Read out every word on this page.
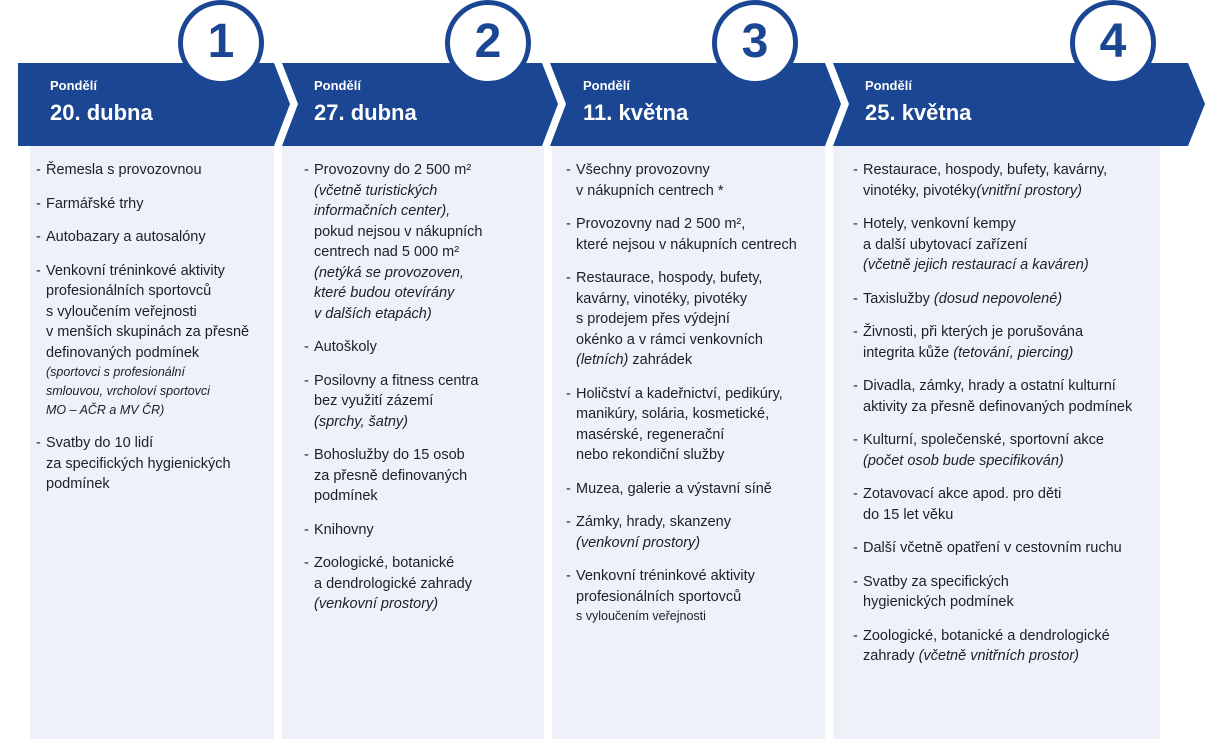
1	2	3	4
Pondělí
20. dubna
Pondělí
27. dubna
Pondělí
11. května
Pondělí
25. května
- Řemesla s provozovnou
- Farmářské trhy
- Autobazary a autosalóny
- Venkovní tréninkové aktivity
profesionálních sportovců
s vyloučením veřejnosti
v menších skupinách za přesně
definovaných podmínek
(sportovci s profesionální
smlouvou, vrcholoví sportovci
MO – AČR a MV ČR)
- Svatby do 10 lidí
za specifických hygienických
podmínek
- Provozovny do 2 500 m²
(včetně turistických
informačních center),
pokud nejsou v nákupních
centrech nad 5 000 m²
(netýká se provozoven,
které budou otevírány
v dalších etapách)
- Autoškoly
- Posilovny a fitness centra
bez využití zázemí
(sprchy, šatny)
- Bohoslužby do 15 osob
za přesně definovaných
podmínek
- Knihovny
- Zoologické, botanické
a dendrologické zahrady
(venkovní prostory)
- Všechny provozovny
v nákupních centrech *
- Provozovny nad 2 500 m²,
které nejsou v nákupních centrech
- Restaurace, hospody, bufety,
kavárny, vinotéky, pivotéky
s prodejem přes výdejní
okénko a v rámci venkovních
(letních) zahrádek
- Holičství a kadeřnictví, pedikúry,
manikúry, solária, kosmetické,
masérské, regenerační
nebo rekondiční služby
- Muzea, galerie a výstavní síně
- Zámky, hrady, skanzeny
(venkovní prostory)
- Venkovní tréninkové aktivity
profesionálních sportovců
s vyloučením veřejnosti
- Restaurace, hospody, bufety, kavárny,
vinotéky, pivotéky(vnitřní prostory)
- Hotely, venkovní kempy
a další ubytovací zařízení
(včetně jejich restaurací a kaváren)
- Taxislužby (dosud nepovolené)
- Živnosti, při kterých je porušována
integrita kůže (tetování, piercing)
- Divadla, zámky, hrady a ostatní kulturní
aktivity za přesně definovaných podmínek
- Kulturní, společenské, sportovní akce
(počet osob bude specifikován)
- Zotavovací akce apod. pro děti
do 15 let věku
- Další včetně opatření v cestovním ruchu
- Svatby za specifických
hygienických podmínek
- Zoologické, botanické a dendrologické
zahrady (včetně vnitřních prostor)
